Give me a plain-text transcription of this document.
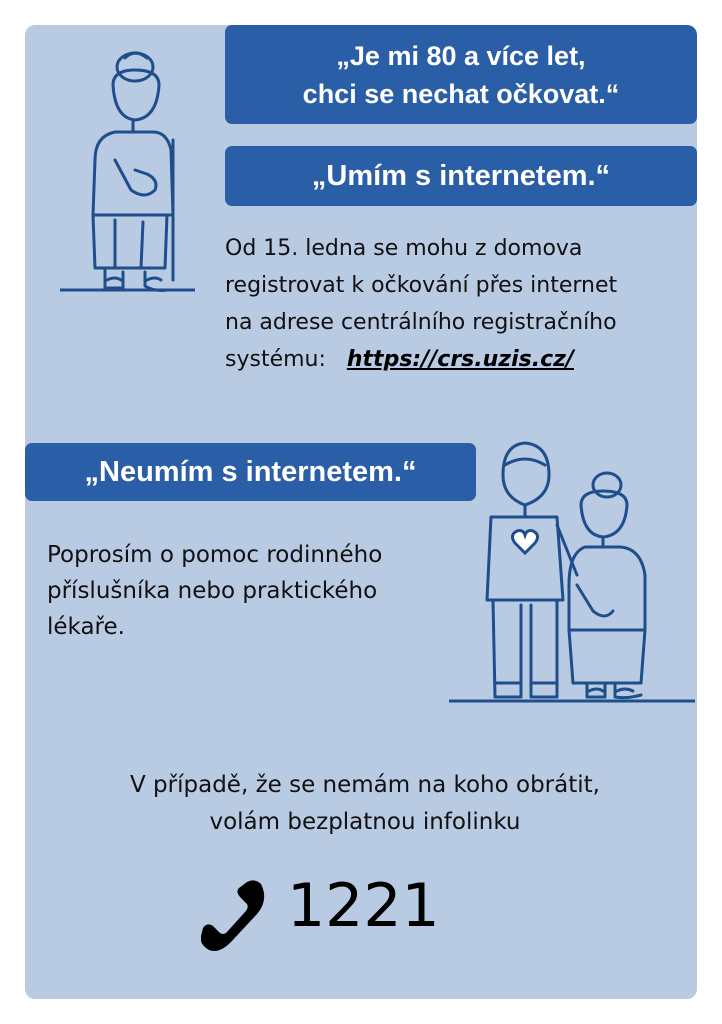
„Je mi 80 a více let,
chci se nechat očkovat.“
„Umím s internetem.“
Od 15. ledna se mohu z domova
registrovat k očkování přes internet
na adrese centrálního registračního
systému: https://crs.uzis.cz/
„Neumím s internetem.“
Poprosím o pomoc rodinného
příslušníka nebo praktického
lékaře.
V případě, že se nemám na koho obrátit,
volám bezplatnou infolinku
1221
